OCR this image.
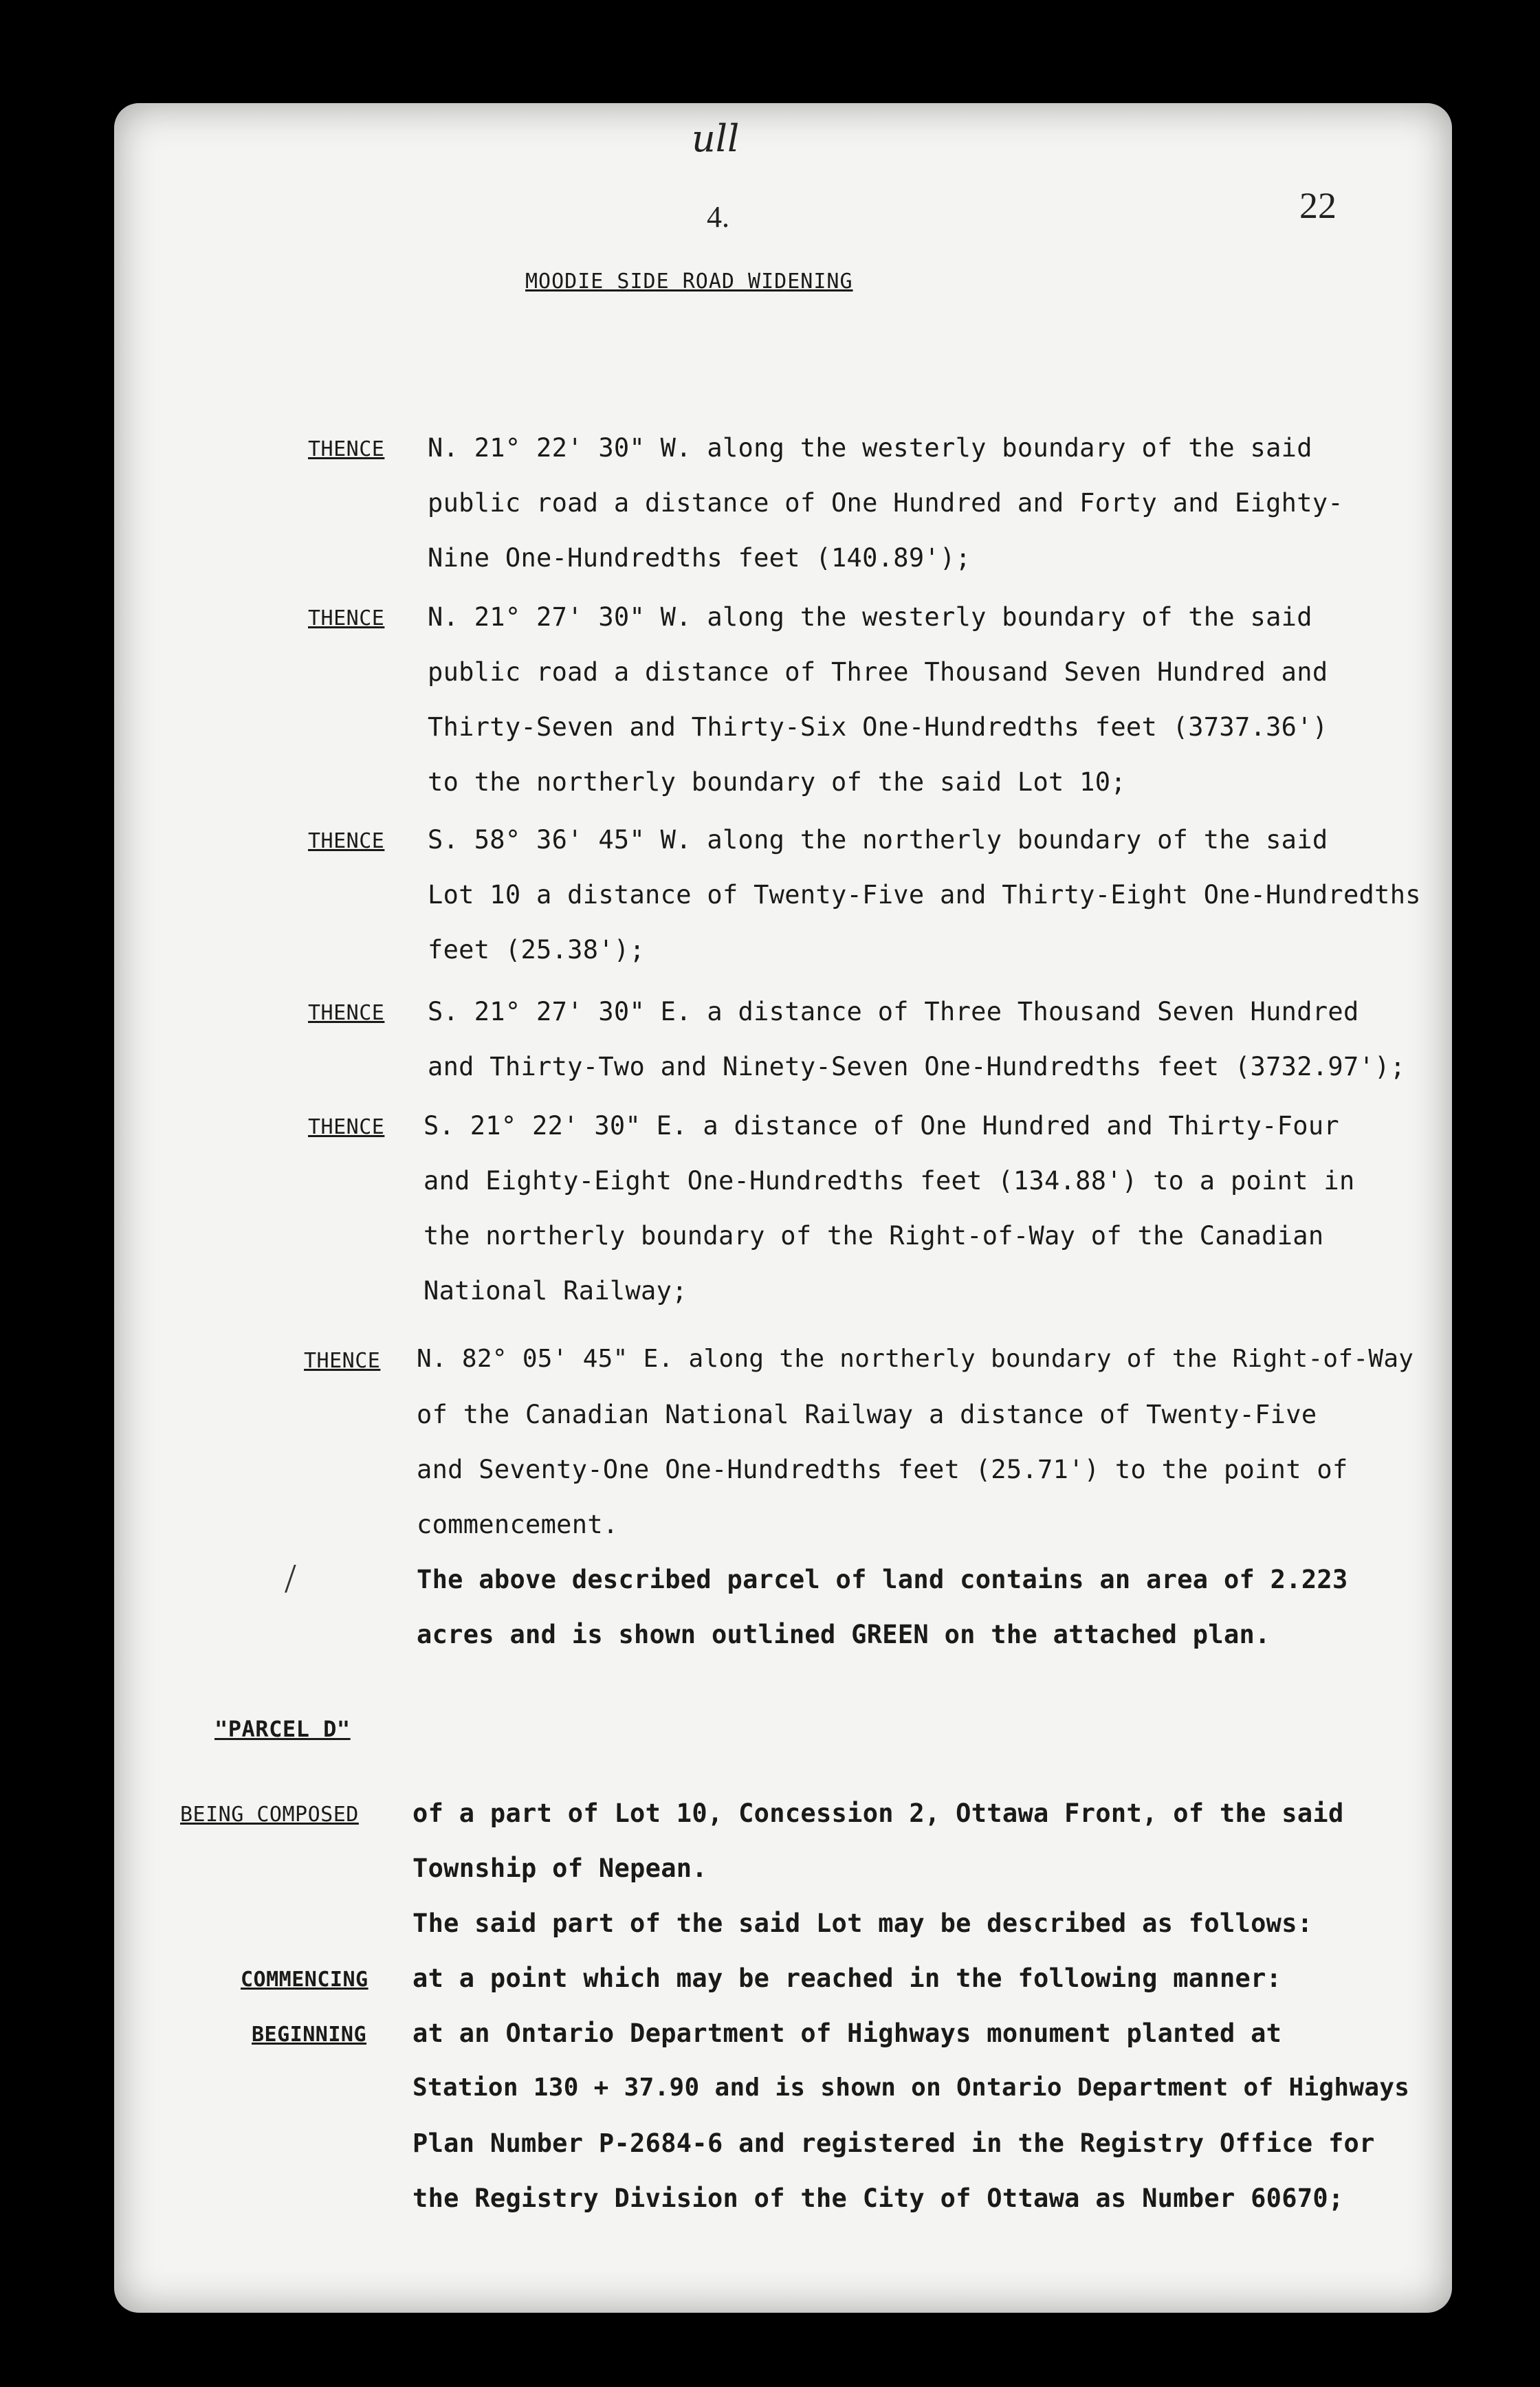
ull
4.	22
MOODIE SIDE ROAD WIDENING
THENCE N. 21° 22' 30" W. along the westerly boundary of the said
public road a distance of One Hundred and Forty and Eighty-
Nine One-Hundredths feet (140.89');
THENCE N. 21° 27' 30" W. along the westerly boundary of the said
public road a distance of Three Thousand Seven Hundred and
Thirty-Seven and Thirty-Six One-Hundredths feet (3737.36')
to the northerly boundary of the said Lot 10;
THENCE S. 58° 36' 45" W. along the northerly boundary of the said
Lot 10 a distance of Twenty-Five and Thirty-Eight One-Hundredths
feet (25.38');
THENCE S. 21° 27' 30" E. a distance of Three Thousand Seven Hundred
and Thirty-Two and Ninety-Seven One-Hundredths feet (3732.97');
THENCE S. 21° 22' 30" E. a distance of One Hundred and Thirty-Four
and Eighty-Eight One-Hundredths feet (134.88') to a point in
the northerly boundary of the Right-of-Way of the Canadian
National Railway;
THENCE N. 82° 05' 45" E. along the northerly boundary of the Right-of-Way
of the Canadian National Railway a distance of Twenty-Five
and Seventy-One One-Hundredths feet (25.71') to the point of
commencement.
/	The above described parcel of land contains an area of 2.223
acres and is shown outlined GREEN on the attached plan.
"PARCEL D"
BEING COMPOSED of a part of Lot 10, Concession 2, Ottawa Front, of the said
Township of Nepean.
The said part of the said Lot may be described as follows:
COMMENCING at a point which may be reached in the following manner:
BEGINNING at an Ontario Department of Highways monument planted at
Station 130 + 37.90 and is shown on Ontario Department of Highways
Plan Number P-2684-6 and registered in the Registry Office for
the Registry Division of the City of Ottawa as Number 60670;
